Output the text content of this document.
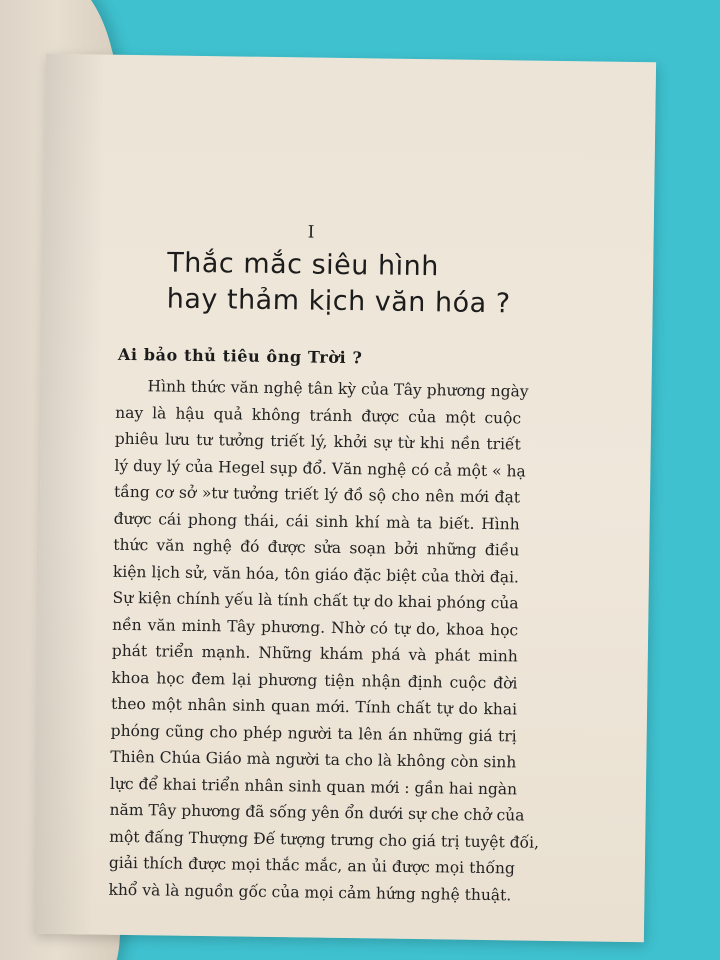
I
Thắc mắc siêu hình
hay thảm kịch văn hóa ?
Ai bảo thủ tiêu ông Trời ?
Hình thức văn nghệ tân kỳ của Tây phương ngày
nay là hậu quả không tránh được của một cuộc
phiêu lưu tư tưởng triết lý, khởi sự từ khi nền triết
lý duy lý của Hegel sụp đổ. Văn nghệ có cả một « hạ
tầng cơ sở »tư tưởng triết lý đồ sộ cho nên mới đạt
được cái phong thái, cái sinh khí mà ta biết. Hình
thức văn nghệ đó được sửa soạn bởi những điều
kiện lịch sử, văn hóa, tôn giáo đặc biệt của thời đại.
Sự kiện chính yếu là tính chất tự do khai phóng của
nền văn minh Tây phương. Nhờ có tự do, khoa học
phát triển mạnh. Những khám phá và phát minh
khoa học đem lại phương tiện nhận định cuộc đời
theo một nhân sinh quan mới. Tính chất tự do khai
phóng cũng cho phép người ta lên án những giá trị
Thiên Chúa Giáo mà người ta cho là không còn sinh
lực để khai triển nhân sinh quan mới : gần hai ngàn
năm Tây phương đã sống yên ổn dưới sự che chở của
một đấng Thượng Đế tượng trưng cho giá trị tuyệt đối,
giải thích được mọi thắc mắc, an ủi được mọi thống
khổ và là nguồn gốc của mọi cảm hứng nghệ thuật.
